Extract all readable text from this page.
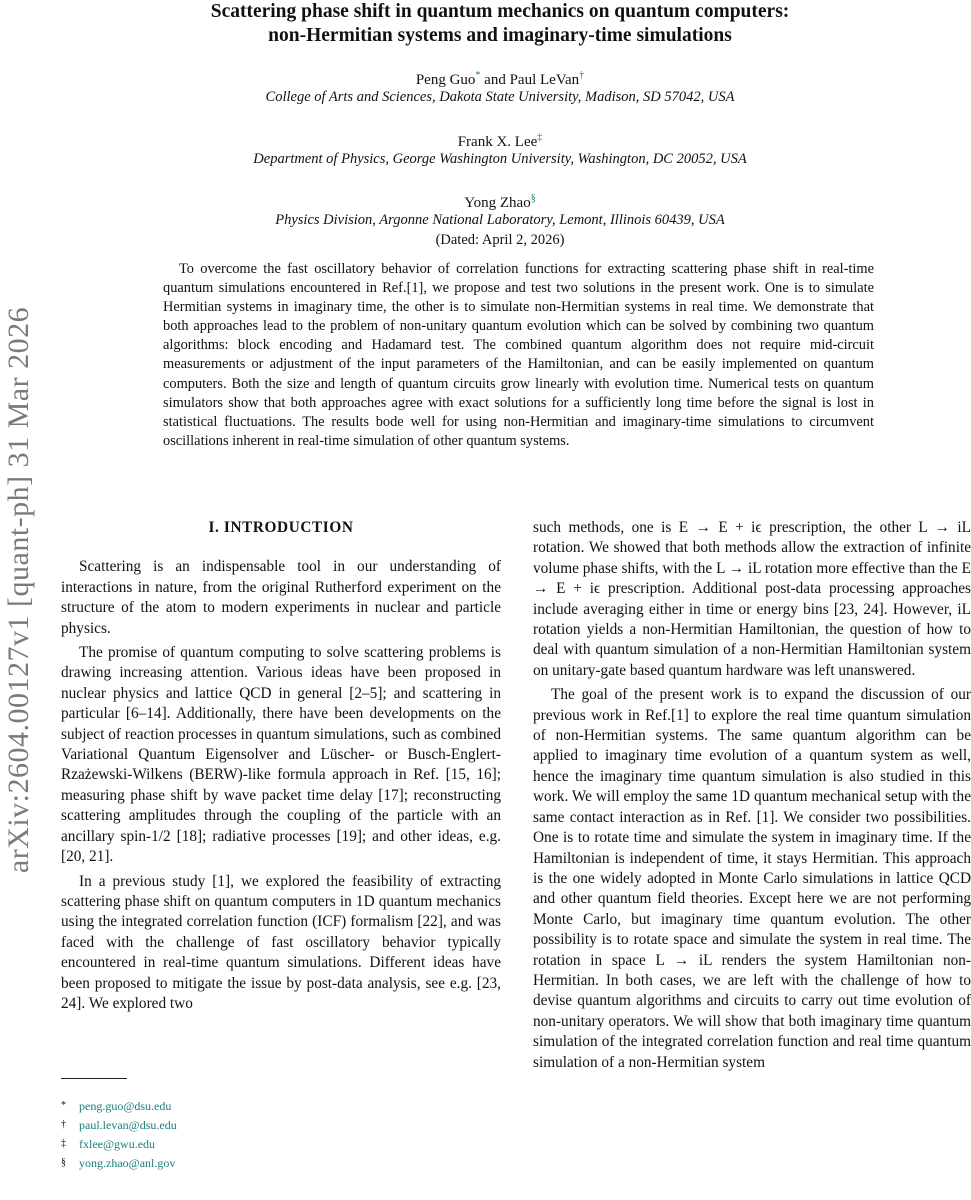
arXiv:2604.00127v1 [quant-ph] 31 Mar 2026
Scattering phase shift in quantum mechanics on quantum computers:
non-Hermitian systems and imaginary-time simulations
Peng Guo* and Paul LeVan†
College of Arts and Sciences, Dakota State University, Madison, SD 57042, USA
Frank X. Lee‡
Department of Physics, George Washington University, Washington, DC 20052, USA
Yong Zhao§
Physics Division, Argonne National Laboratory, Lemont, Illinois 60439, USA
(Dated: April 2, 2026)
To overcome the fast oscillatory behavior of correlation functions for extracting scattering phase shift in real-time quantum simulations encountered in Ref.[1], we propose and test two solutions in the present work. One is to simulate Hermitian systems in imaginary time, the other is to simulate non-Hermitian systems in real time. We demonstrate that both approaches lead to the problem of non-unitary quantum evolution which can be solved by combining two quantum algorithms: block encoding and Hadamard test. The combined quantum algorithm does not require mid-circuit measurements or adjustment of the input parameters of the Hamiltonian, and can be easily implemented on quantum computers. Both the size and length of quantum circuits grow linearly with evolution time. Numerical tests on quantum simulators show that both approaches agree with exact solutions for a sufficiently long time before the signal is lost in statistical fluctuations. The results bode well for using non-Hermitian and imaginary-time simulations to circumvent oscillations inherent in real-time simulation of other quantum systems.

I. INTRODUCTION

Scattering is an indispensable tool in our understanding of interactions in nature, from the original Rutherford experiment on the structure of the atom to modern experiments in nuclear and particle physics.

The promise of quantum computing to solve scattering problems is drawing increasing attention. Various ideas have been proposed in nuclear physics and lattice QCD in general [2–5]; and scattering in particular [6–14]. Additionally, there have been developments on the subject of reaction processes in quantum simulations, such as combined Variational Quantum Eigensolver and Lüscher- or Busch-Englert-Rzażewski-Wilkens (BERW)-like formula approach in Ref. [15, 16]; measuring phase shift by wave packet time delay [17]; reconstructing scattering amplitudes through the coupling of the particle with an ancillary spin-1/2 [18]; radiative processes [19]; and other ideas, e.g. [20, 21].

In a previous study [1], we explored the feasibility of extracting scattering phase shift on quantum computers in 1D quantum mechanics using the integrated correlation function (ICF) formalism [22], and was faced with the challenge of fast oscillatory behavior typically encountered in real-time quantum simulations. Different ideas have been proposed to mitigate the issue by post-data analysis, see e.g. [23, 24]. We explored two

such methods, one is E → E + iϵ prescription, the other L → iL rotation. We showed that both methods allow the extraction of infinite volume phase shifts, with the L → iL rotation more effective than the E → E + iϵ prescription. Additional post-data processing approaches include averaging either in time or energy bins [23, 24]. However, iL rotation yields a non-Hermitian Hamiltonian, the question of how to deal with quantum simulation of a non-Hermitian Hamiltonian system on unitary-gate based quantum hardware was left unanswered.

The goal of the present work is to expand the discussion of our previous work in Ref.[1] to explore the real time quantum simulation of non-Hermitian systems. The same quantum algorithm can be applied to imaginary time evolution of a quantum system as well, hence the imaginary time quantum simulation is also studied in this work. We will employ the same 1D quantum mechanical setup with the same contact interaction as in Ref. [1]. We consider two possibilities. One is to rotate time and simulate the system in imaginary time. If the Hamiltonian is independent of time, it stays Hermitian. This approach is the one widely adopted in Monte Carlo simulations in lattice QCD and other quantum field theories. Except here we are not performing Monte Carlo, but imaginary time quantum evolution. The other possibility is to rotate space and simulate the system in real time. The rotation in space L → iL renders the system Hamiltonian non-Hermitian. In both cases, we are left with the challenge of how to devise quantum algorithms and circuits to carry out time evolution of non-unitary operators. We will show that both imaginary time quantum simulation of the integrated correlation function and real time quantum simulation of a non-Hermitian system

* peng.guo@dsu.edu
† paul.levan@dsu.edu
‡ fxlee@gwu.edu
§ yong.zhao@anl.gov
